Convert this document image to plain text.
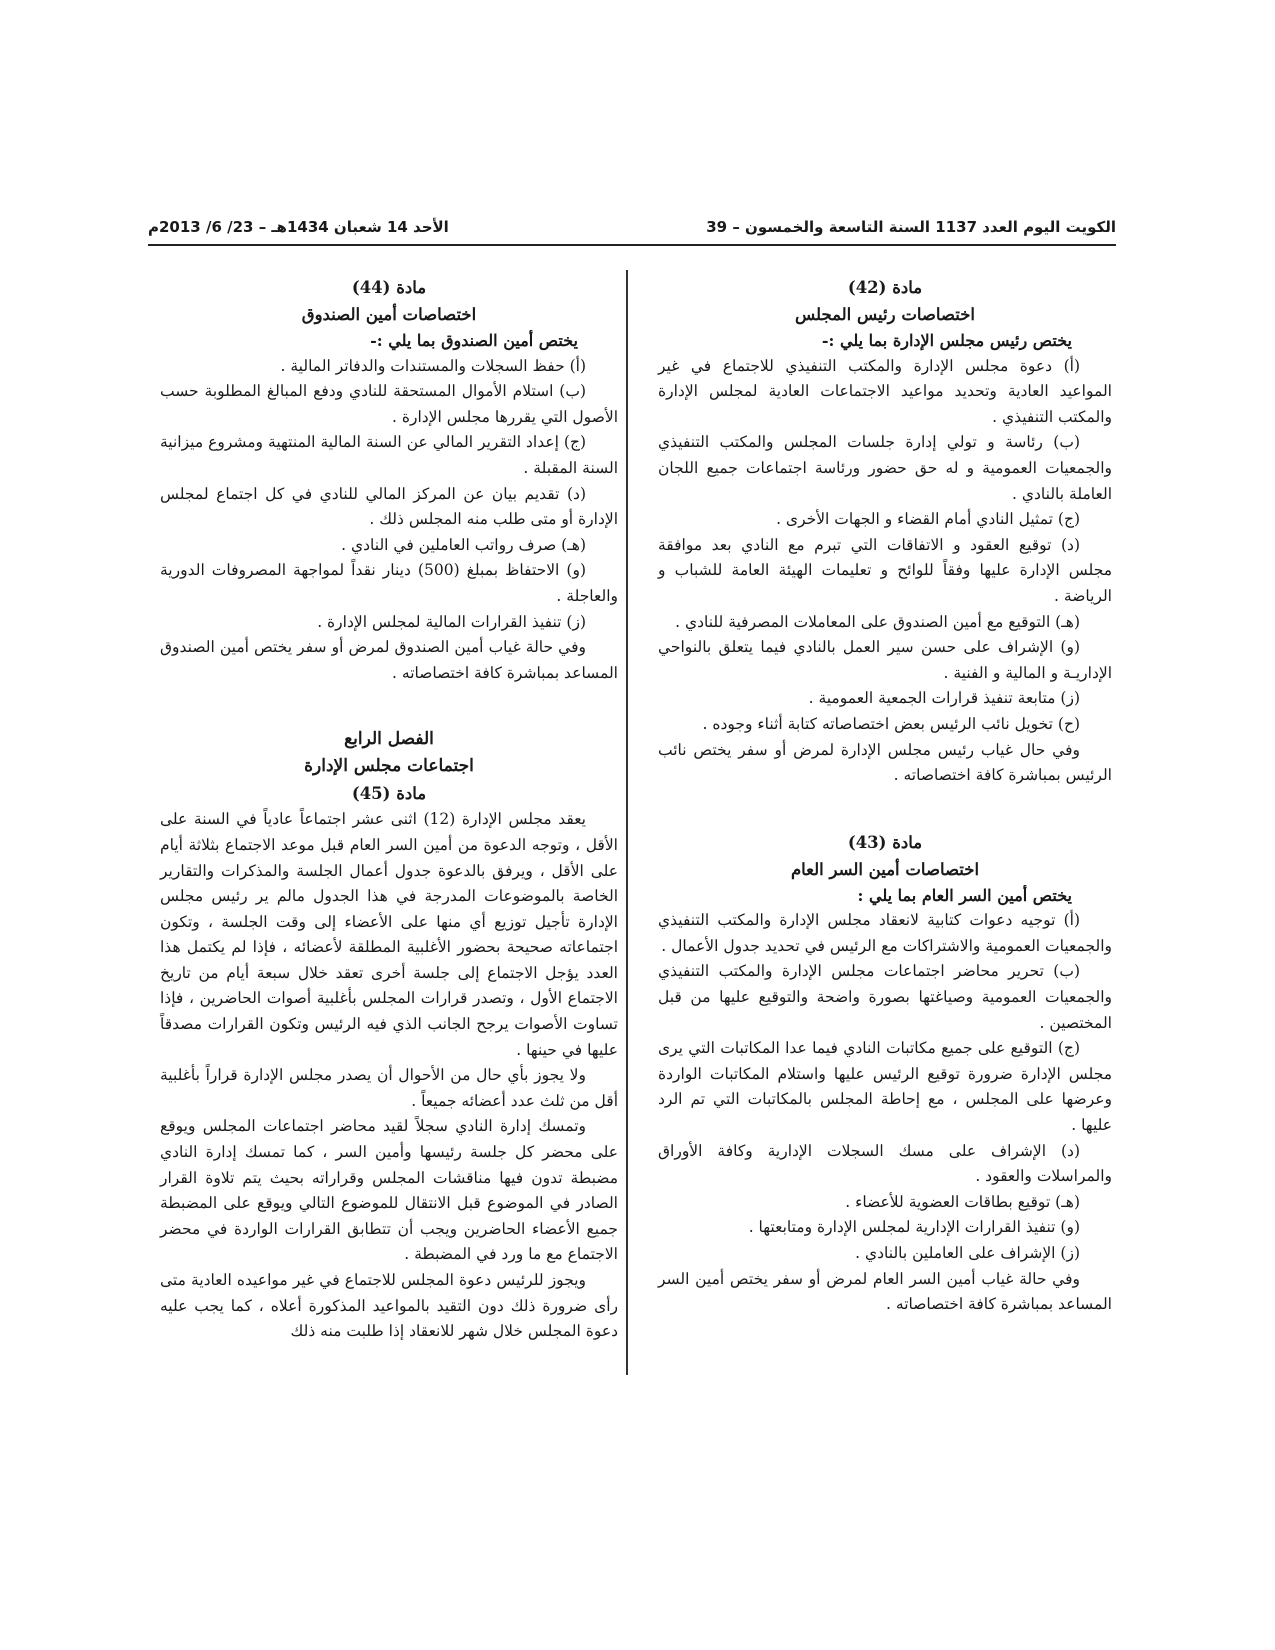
الكويت اليوم العدد 1137 السنة التاسعة والخمسون – 39
الأحد 14 شعبان 1434هـ – 23/ 6/ 2013م
مادة (42)
اختصاصات رئيس المجلس
يختص رئيس مجلس الإدارة بما يلي :-

(أ) دعوة مجلس الإدارة والمكتب التنفيذي للاجتماع في غير المواعيد العادية وتحديد مواعيد الاجتماعات العادية لمجلس الإدارة والمكتب التنفيذي .

(ب) رئاسة و تولي إدارة جلسات المجلس والمكتب التنفيذي والجمعيات العمومية و له حق حضور ورئاسة اجتماعات جميع اللجان العاملة بالنادي .

(ج) تمثيل النادي أمام القضاء و الجهات الأخرى .

(د) توقيع العقود و الاتفاقات التي تبرم مع النادي بعد موافقة مجلس الإدارة عليها وفقاً للوائح و تعليمات الهيئة العامة للشباب و الرياضة .

(هـ) التوقيع مع أمين الصندوق على المعاملات المصرفية للنادي .

(و) الإشراف على حسن سير العمل بالنادي فيما يتعلق بالنواحي الإداريـة و المالية و الفنية .

(ز) متابعة تنفيذ قرارات الجمعية العمومية .

(ح) تخويل نائب الرئيس بعض اختصاصاته كتابة أثناء وجوده .

وفي حال غياب رئيس مجلس الإدارة لمرض أو سفر يختص نائب الرئيس بمباشرة كافة اختصاصاته .

مادة (43)
اختصاصات أمين السر العام
يختص أمين السر العام بما يلي :

(أ) توجيه دعوات كتابية لانعقاد مجلس الإدارة والمكتب التنفيذي والجمعيات العمومية والاشتراكات مع الرئيس في تحديد جدول الأعمال .

(ب) تحرير محاضر اجتماعات مجلس الإدارة والمكتب التنفيذي والجمعيات العمومية وصياغتها بصورة واضحة والتوقيع عليها من قبل المختصين .

(ج) التوقيع على جميع مكاتبات النادي فيما عدا المكاتبات التي يرى مجلس الإدارة ضرورة توقيع الرئيس عليها واستلام المكاتبات الواردة وعرضها على المجلس ، مع إحاطة المجلس بالمكاتبات التي تم الرد عليها .

(د) الإشراف على مسك السجلات الإدارية وكافة الأوراق والمراسلات والعقود .

(هـ) توقيع بطاقات العضوية للأعضاء .

(و) تنفيذ القرارات الإدارية لمجلس الإدارة ومتابعتها .

(ز) الإشراف على العاملين بالنادي .

وفي حالة غياب أمين السر العام لمرض أو سفر يختص أمين السر المساعد بمباشرة كافة اختصاصاته .

مادة (44)
اختصاصات أمين الصندوق
يختص أمين الصندوق بما يلي :-

(أ) حفظ السجلات والمستندات والدفاتر المالية .

(ب) استلام الأموال المستحقة للنادي ودفع المبالغ المطلوبة حسب الأصول التي يقررها مجلس الإدارة .

(ج) إعداد التقرير المالي عن السنة المالية المنتهية ومشروع ميزانية السنة المقبلة .

(د) تقديم بيان عن المركز المالي للنادي في كل اجتماع لمجلس الإدارة أو متى طلب منه المجلس ذلك .

(هـ) صرف رواتب العاملين في النادي .

(و) الاحتفاظ بمبلغ (500) دينار نقداً لمواجهة المصروفات الدورية والعاجلة .

(ز) تنفيذ القرارات المالية لمجلس الإدارة .

وفي حالة غياب أمين الصندوق لمرض أو سفر يختص أمين الصندوق المساعد بمباشرة كافة اختصاصاته .

الفصل الرابع
اجتماعات مجلس الإدارة
مادة (45)

يعقد مجلس الإدارة (12) اثنى عشر اجتماعاً عادياً في السنة على الأقل ، وتوجه الدعوة من أمين السر العام قبل موعد الاجتماع بثلاثة أيام على الأقل ، ويرفق بالدعوة جدول أعمال الجلسة والمذكرات والتقارير الخاصة بالموضوعات المدرجة في هذا الجدول مالم ير رئيس مجلس الإدارة تأجيل توزيع أي منها على الأعضاء إلى وقت الجلسة ، وتكون اجتماعاته صحيحة بحضور الأغلبية المطلقة لأعضائه ، فإذا لم يكتمل هذا العدد يؤجل الاجتماع إلى جلسة أخرى تعقد خلال سبعة أيام من تاريخ الاجتماع الأول ، وتصدر قرارات المجلس بأغلبية أصوات الحاضرين ، فإذا تساوت الأصوات يرجح الجانب الذي فيه الرئيس وتكون القرارات مصدقاً عليها في حينها .

ولا يجوز بأي حال من الأحوال أن يصدر مجلس الإدارة قراراً بأغلبية أقل من ثلث عدد أعضائه جميعاً .

وتمسك إدارة النادي سجلاً لقيد محاضر اجتماعات المجلس ويوقع على محضر كل جلسة رئيسها وأمين السر ، كما تمسك إدارة النادي مضبطة تدون فيها مناقشات المجلس وقراراته بحيث يتم تلاوة القرار الصادر في الموضوع قبل الانتقال للموضوع التالي ويوقع على المضبطة جميع الأعضاء الحاضرين ويجب أن تتطابق القرارات الواردة في محضر الاجتماع مع ما ورد في المضبطة .

ويجوز للرئيس دعوة المجلس للاجتماع في غير مواعيده العادية متى رأى ضرورة ذلك دون التقيد بالمواعيد المذكورة أعلاه ، كما يجب عليه دعوة المجلس خلال شهر للانعقاد إذا طلبت منه ذلك
